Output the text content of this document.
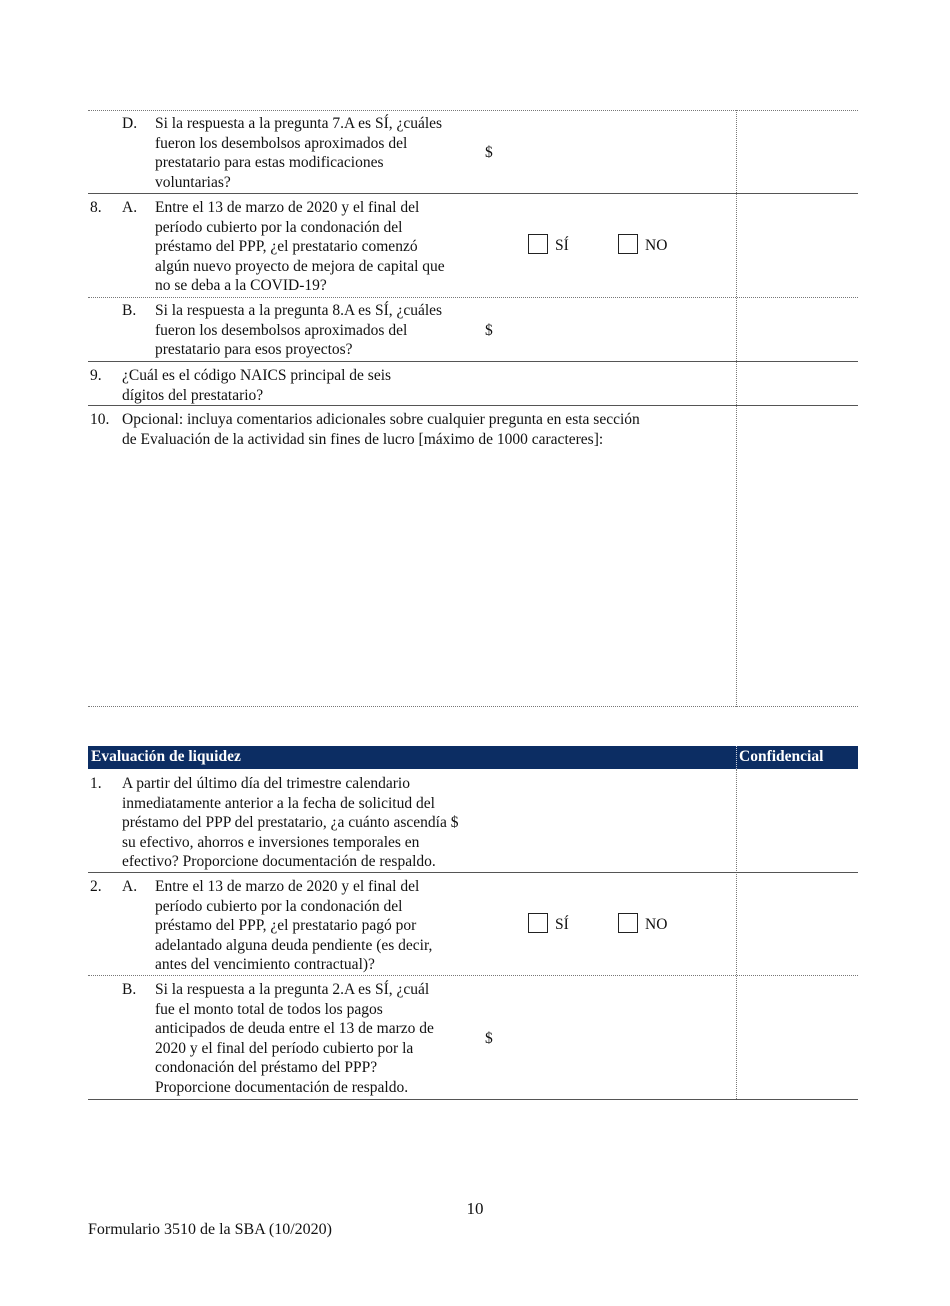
D. Si la respuesta a la pregunta 7.A es SÍ, ¿cuáles
fueron los desembolsos aproximados del
prestatario para estas modificaciones
voluntarias?
$
8. A. Entre el 13 de marzo de 2020 y el final del
período cubierto por la condonación del
préstamo del PPP, ¿el prestatario comenzó
algún nuevo proyecto de mejora de capital que
no se deba a la COVID-19?
SÍ	NO
B. Si la respuesta a la pregunta 8.A es SÍ, ¿cuáles
fueron los desembolsos aproximados del
prestatario para esos proyectos?
$
9. ¿Cuál es el código NAICS principal de seis
dígitos del prestatario?
10. Opcional: incluya comentarios adicionales sobre cualquier pregunta en esta sección
de Evaluación de la actividad sin fines de lucro [máximo de 1000 caracteres]:
Evaluación de liquidez	Confidencial
1. A partir del último día del trimestre calendario
inmediatamente anterior a la fecha de solicitud del
préstamo del PPP del prestatario, ¿a cuánto ascendía $
su efectivo, ahorros e inversiones temporales en
efectivo? Proporcione documentación de respaldo.
2. A. Entre el 13 de marzo de 2020 y el final del
período cubierto por la condonación del
préstamo del PPP, ¿el prestatario pagó por
adelantado alguna deuda pendiente (es decir,
antes del vencimiento contractual)?
SÍ	NO
B. Si la respuesta a la pregunta 2.A es SÍ, ¿cuál
fue el monto total de todos los pagos
anticipados de deuda entre el 13 de marzo de
2020 y el final del período cubierto por la
condonación del préstamo del PPP?
Proporcione documentación de respaldo.
$
10
Formulario 3510 de la SBA (10/2020)
